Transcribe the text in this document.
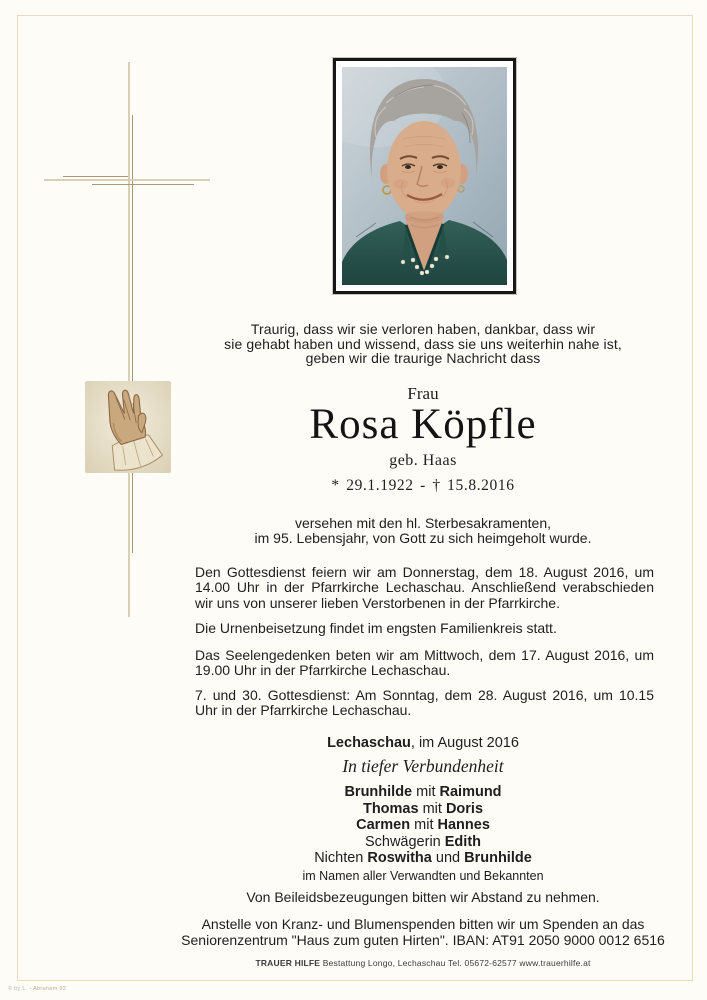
Traurig, dass wir sie verloren haben, dankbar, dass wir
sie gehabt haben und wissend, dass sie uns weiterhin nahe ist,
geben wir die traurige Nachricht dass
Frau
Rosa Köpfle
geb. Haas
* 29.1.1922 - † 15.8.2016
versehen mit den hl. Sterbesakramenten,
im 95. Lebensjahr, von Gott zu sich heimgeholt wurde.
Den Gottesdienst feiern wir am Donnerstag, dem 18. August 2016, um 14.00 Uhr in der Pfarrkirche Lechaschau. Anschließend verabschieden wir uns von unserer lieben Verstorbenen in der Pfarrkirche.
Die Urnenbeisetzung findet im engsten Familienkreis statt.
Das Seelengedenken beten wir am Mittwoch, dem 17. August 2016, um 19.00 Uhr in der Pfarrkirche Lechaschau.
7. und 30. Gottesdienst: Am Sonntag, dem 28. August 2016, um 10.15 Uhr in der Pfarrkirche Lechaschau.
Lechaschau, im August 2016
In tiefer Verbundenheit
Brunhilde mit Raimund
Thomas mit Doris
Carmen mit Hannes
Schwägerin Edith
Nichten Roswitha und Brunhilde
im Namen aller Verwandten und Bekannten
Von Beileidsbezeugungen bitten wir Abstand zu nehmen.
Anstelle von Kranz- und Blumenspenden bitten wir um Spenden an das
Seniorenzentrum "Haus zum guten Hirten". IBAN: AT91 2050 9000 0012 6516
TRAUER HILFE Bestattung Longo, Lechaschau Tel. 05672-62577 www.trauerhilfe.at
© by L. - Abraham 92
